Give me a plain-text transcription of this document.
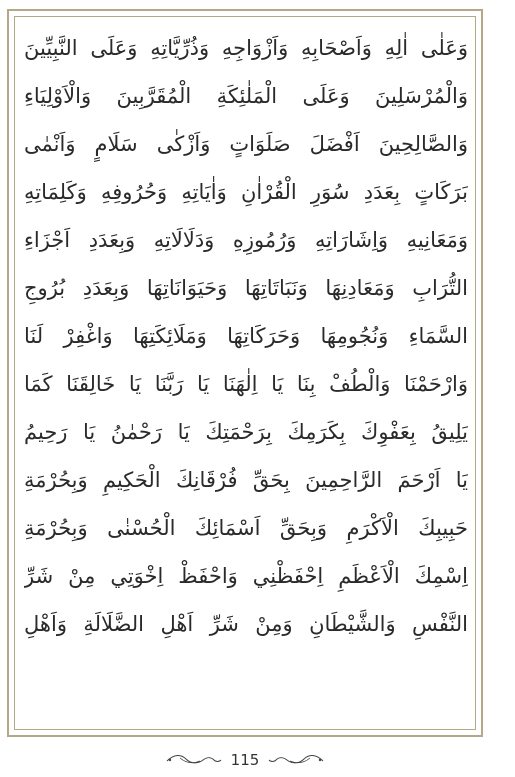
وَعَلٰى اٰلِهِ وَاَصْحَابِهِ وَاَزْوَاجِهِ وَذُرِّيَّاتِهِ وَعَلَى النَّبِيِّينَ
وَالْمُرْسَلِينَ وَعَلَى الْمَلٰئِكَةِ الْمُقَرَّبِينَ وَالْاَوْلِيَاءِ
وَالصَّالِحِينَ اَفْضَلَ صَلَوَاتٍ وَاَزْكٰى سَلَامٍ وَاَنْمٰى
بَرَكَاتٍ بِعَدَدِ سُوَرِ الْقُرْاٰنِ وَاٰيَاتِهِ وَحُرُوفِهِ وَكَلِمَاتِهِ
وَمَعَانِيهِ وَاِشَارَاتِهِ وَرُمُوزِهِ وَدَلَالَاتِهِ وَبِعَدَدِ اَجْزَاءِ
التُّرَابِ وَمَعَادِنِهَا وَنَبَاتَاتِهَا وَحَيَوَانَاتِهَا وَبِعَدَدِ بُرُوجِ
السَّمَاءِ وَنُجُومِهَا وَحَرَكَاتِهَا وَمَلَائِكَتِهَا وَاغْفِرْ لَنَا
وَارْحَمْنَا وَالْطُفْ بِنَا يَا اِلٰهَنَا يَا رَبَّنَا يَا خَالِقَنَا كَمَا
يَلِيقُ بِعَفْوِكَ بِكَرَمِكَ بِرَحْمَتِكَ يَا رَحْمٰنُ يَا رَحِيمُ
يَا اَرْحَمَ الرَّاحِمِينَ بِحَقِّ فُرْقَانِكَ الْحَكِيمِ وَبِحُرْمَةِ
حَبِيبِكَ الْاَكْرَمِ وَبِحَقِّ اَسْمَائِكَ الْحُسْنٰى وَبِحُرْمَةِ
اِسْمِكَ الْاَعْظَمِ اِحْفَظْنِي وَاحْفَظْ اِخْوَتِي مِنْ شَرِّ
النَّفْسِ وَالشَّيْطَانِ وَمِنْ شَرِّ اَهْلِ الضَّلَالَةِ وَاَهْلِ
115
